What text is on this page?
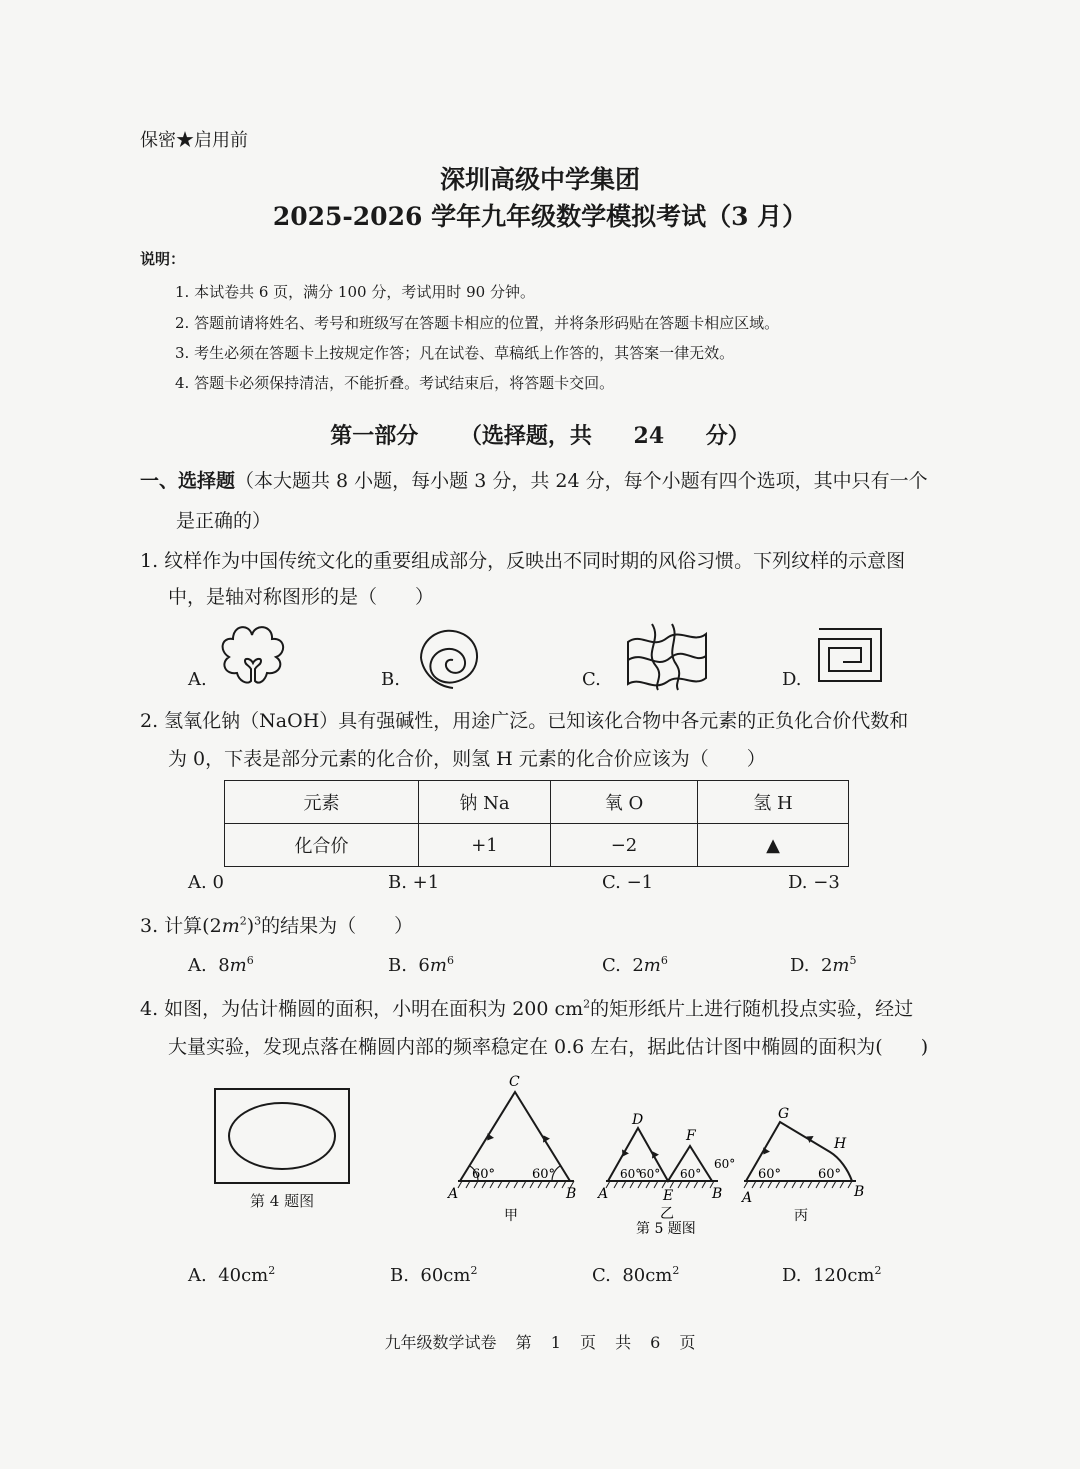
保密★启用前
深圳高级中学集团
2025-2026 学年九年级数学模拟考试（3 月）
说明：
1. 本试卷共 6 页，满分 100 分，考试用时 90 分钟。
2. 答题前请将姓名、考号和班级写在答题卡相应的位置，并将条形码贴在答题卡相应区域。
3. 考生必须在答题卡上按规定作答；凡在试卷、草稿纸上作答的，其答案一律无效。
4. 答题卡必须保持清洁，不能折叠。考试结束后，将答题卡交回。
第一部分 （选择题，共 24 分）
一、选择题（本大题共 8 小题，每小题 3 分，共 24 分，每个小题有四个选项，其中只有一个
是正确的）
1. 纹样作为中国传统文化的重要组成部分，反映出不同时期的风俗习惯。下列纹样的示意图
中，是轴对称图形的是（　　）
A.	B.	C.	D.
2. 氢氧化钠（NaOH）具有强碱性，用途广泛。已知该化合物中各元素的正负化合价代数和
为 0，下表是部分元素的化合价，则氢 H 元素的化合价应该为（　　）
元素	钠 Na	氧 O	氢 H
化合价	+1	−2	▲
A. 0	B. +1	C. −1	D. −3
3. 计算$(2m^2)^3$的结果为（　　）
A. $8m^6$	B. $6m^6$	C. $2m^6$	D. $2m^5$
4. 如图，为估计椭圆的面积，小明在面积为 200 $cm^2$的矩形纸片上进行随机投点实验，经过
大量实验，发现点落在椭圆内部的频率稳定在 0.6 左右，据此估计图中椭圆的面积为(　　)
第 4 题图
60°	60°
C
A	B
甲
60°
60° 60°
60°
D
F
A	E	B
乙
第 5 题图
60°	60°
G
H
A	B
丙
A. $40cm^2$	B. $60cm^2$	C. $80cm^2$	D. $120cm^2$
九年级数学试卷 第 1 页 共 6 页
